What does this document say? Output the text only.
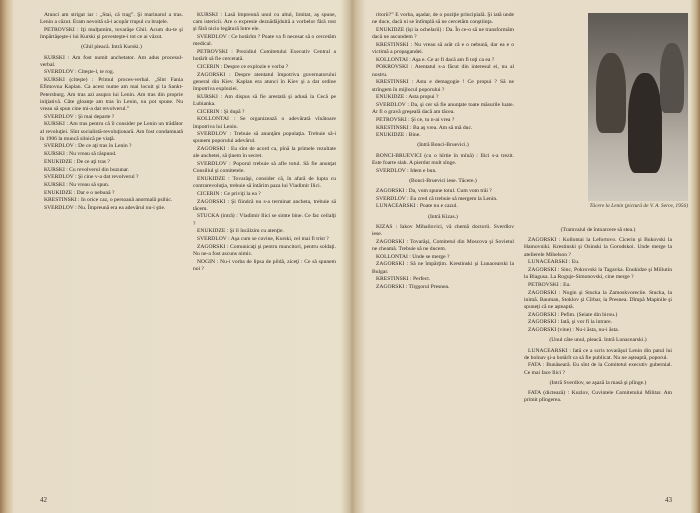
Atunci am strigat iar : „Stai, că trag”. Şi marinarul a tras. Lenin a căzut. Eram nevoită să-i acopăr trupul cu braţele.

PETROVSKI : Iţi mulţumim, tovarăşe Ghil. Acum du-te şi împărtăşeşte-i lui Kurski şi povesteşte-i tot ce ai văzut.

(Ghil pleacă. Intră Kurski.)

KURSKI : Am fost numit anchetator. Am adus procesul-verbal.

SVERDLOV : Citeşte-l, te rog.

KURSKI (citeşte) : Primul proces-verbal. „Sînt Fania Efimovna Kaplan. Ca acest nume am mai locuit şi la Sankt-Petersburg. Am tras azi asupra lui Lenin. Am tras din proprie iniţiativă. Câte gloanţe am tras în Lenin, nu pot spune. Nu vreau să spun cine mi-a dat revolverul.”

SVERDLOV : Şi mai departe ?

KURSKI : Am tras pentru că îl consider pe Lenin un trădător al revoluţiei. Sînt socialistă-revoluţionară. Am fost condamnată în 1906 la muncă silnică pe viaţă.

SVERDLOV : De ce aţi tras în Lenin ?

KURSKI : Nu vreau să răspund.

ENUKIDZE : De ce aţi tras ?

KURSKI : Cu revolverul din buzunar.

SVERDLOV : Şi cine v-a dat revolverul ?

KURSKI : Nu vreau să spun.

ENUKIDZE : Dar e o nebună ?

KRESTINSKI : In orice caz, o persoană anormală psihic.

SVERDLOV : Nu. Împreună era ea adevărul nu-i ştie.

KURSKI : Lasă împreună unul cu altul, limitat, aş spune, cam istericii. Are o expresie deznădăjduită a vorbelor fără rost şi fără nicio legătură între ele.

SVERDLOV : Ce hotărîm ? Poate va fi necesar să o cercetăm medical.

PETROVSKI : Prezidiul Comitetului Executiv Central a hotărît să fie cercetată.

CICERIN : Despre ce explozie e vorba ?

ZAGORSKI : Despre atentatul împotriva guvernatorului general din Kiev. Kaplan era atunci în Kiev şi a dat ordine împotriva exploziei.

KURSKI : Am dispus să fie arestată şi adusă la Cecă pe Lubianka.

CICERIN : Şi după ?

KOLLONTAI : Se organizează o adevărată vînătoare împotriva lui Lenin.

SVERDLOV : Trebuie să anunţăm populaţia. Trebuie să-i spunem poporului adevărul.

ZAGORSKI : Eu sînt de acord ca, pînă la primele rezultate ale anchetei, să ţinem în secret.

SVERDLOV : Poporul trebuie să afle totul. Să fie anunţat Consiliul şi comitetele.

ENUKIDZE : Tovarăşi, consider că, în afară de lupta cu contrarevoluţia, trebuie să întărim paza lui Vladimir Ilici.

CICERIN : Ce priviţi la ea ?

ZAGORSKI : Şi fiindcă nu s-a terminat ancheta, trebuie să tăcem.

STUCKA (intră) : Vladimir Ilici se simte bine. Ce fac ceilalţi ?

ENUKIDZE : Şi îl încălzim cu atenţie.

SVERDLOV : Aşa cum se cuvine, Kurski, cel mai fi trist ?

ZAGORSKI : Comunicaţi şi pentru muncitori, pentru soldaţi. Nu ne-a fost ascuns nimic.

NOGIN : Nu-i vorba de lipsa de pildă, ziceţi : Ce să spunem noi ?

42

ritorii?” E vorba, aşadar, de o poziţie principială. Şi iată unde ne duce, dacă ni se întîmplă să ne cercetăm conştiinţa.

ENUKIDZE (își ia ochelarii) : Da. În ce-o să ne transformăm dacă ne ascundem ?

KRESTINSKI : Nu vreau să arăt că e o nebună, dar ea e o victimă a propagandei.

KOLLONTAI : Aşa e. Ce ar fi dacă am fi toţi ca ea ?

POKROVSKI : Atentatul s-a făcut din interesul ei, nu al nostru.

KRESTINSKI : Asta e demagogie ! Ce propui ? Să ne strîngem în mijlocul poporului ?

ENUKIDZE : Asta propui ?

SVERDLOV : Da, şi cer să fie anunţate toate măsurile luate. Ar fi o gravă greşeală dacă am tăcea.

PETROVSKI : Şi ce, tu n-ai vrea ?

KRESTINSKI : Ba aş vrea. Am să mă duc.

ENUKIDZE : Bine.

(Intră Bonci-Bruevici.)

BONCI-BRUEVICI (cu o hîrtie în mînă) : Ilici s-a trezit. Este foarte slab. A pierdut mult sînge.

SVERDLOV : Idem e bun.

(Bonci-Bruevici iese. Tăcere.)

ZAGORSKI : Da, vom spune totul. Cum vom trăi ?

SVERDLOV : Eu cred că trebuie să mergem la Lenin.

LUNACEARSKI : Poate nu e cazul.

(Intră Kizas.)

KIZAS : Iakov Mihailovici, vă chemă doctorii. Sverdlov iese.

ZAGORSKI : Tovarăşi, Comitetul din Moscova şi Sovietul ne cheamă. Trebuie să ne ducem.

KOLLONTAI : Unde se merge ?

ZAGORSKI : Să ne împărţim. Krestinski şi Lunacearski la Bulgar.

KRESTINSKI : Perfect.

ZAGORSKI : Tîrgşorul Presnea.

(Tramvaiul de întoarcere să stea.)

ZAGORSKI : Kollontai la Lefortovo. Cicerin şi Bukovski la Hamovniki. Krestinski şi Osinski la Gorodskoi. Unde merge la atelierele Mihelson ?

LUNACEARSKI : Eu.

ZAGORSKI : Sinc, Pokrovski la Tagavka. Enukidze şi Miliutin la Blagusa. La Roguje-Simonovski, cine merge ?

PETROVSKI : Eu.

ZAGORSKI : Nogin şi Stucka la Zamoskvoreciie. Stucka, la inimă. Bauman, Stoklov şi Cîrbar, la Presnea. Dîmpă Mapinile şi spuneţi că ne aşteaptă.

ZAGORSKI : Pefim. (Seiate din birou.)

ZAGORSKI : Iată, şi vor fi la intrare.

ZAGORSKI (vine) : Nu-i ăsta, nu-i ăsta.

(Unul câte unul, pleacă. Intră Lunacearski.)

LUNACEARSKI : Iată ce a scris tovarăşul Lenin din patul lui de bolnav şi-a hotărît ca să fie publicat. Nu ne aşteaptă, poporul.

FATA : Bunăseară. Eu sînt de la Comitetul executiv gubernial. Ce mai face Ilici ?

(Intră Sverdlov, se aşază la masă şi plînge.)

FATA (dictează) : Kuzlov, Cuvintele Comitetului Militar. Am primit plîngerea.

43
Tăcere la Lenin (pictură de V. A. Serov, 1956)
